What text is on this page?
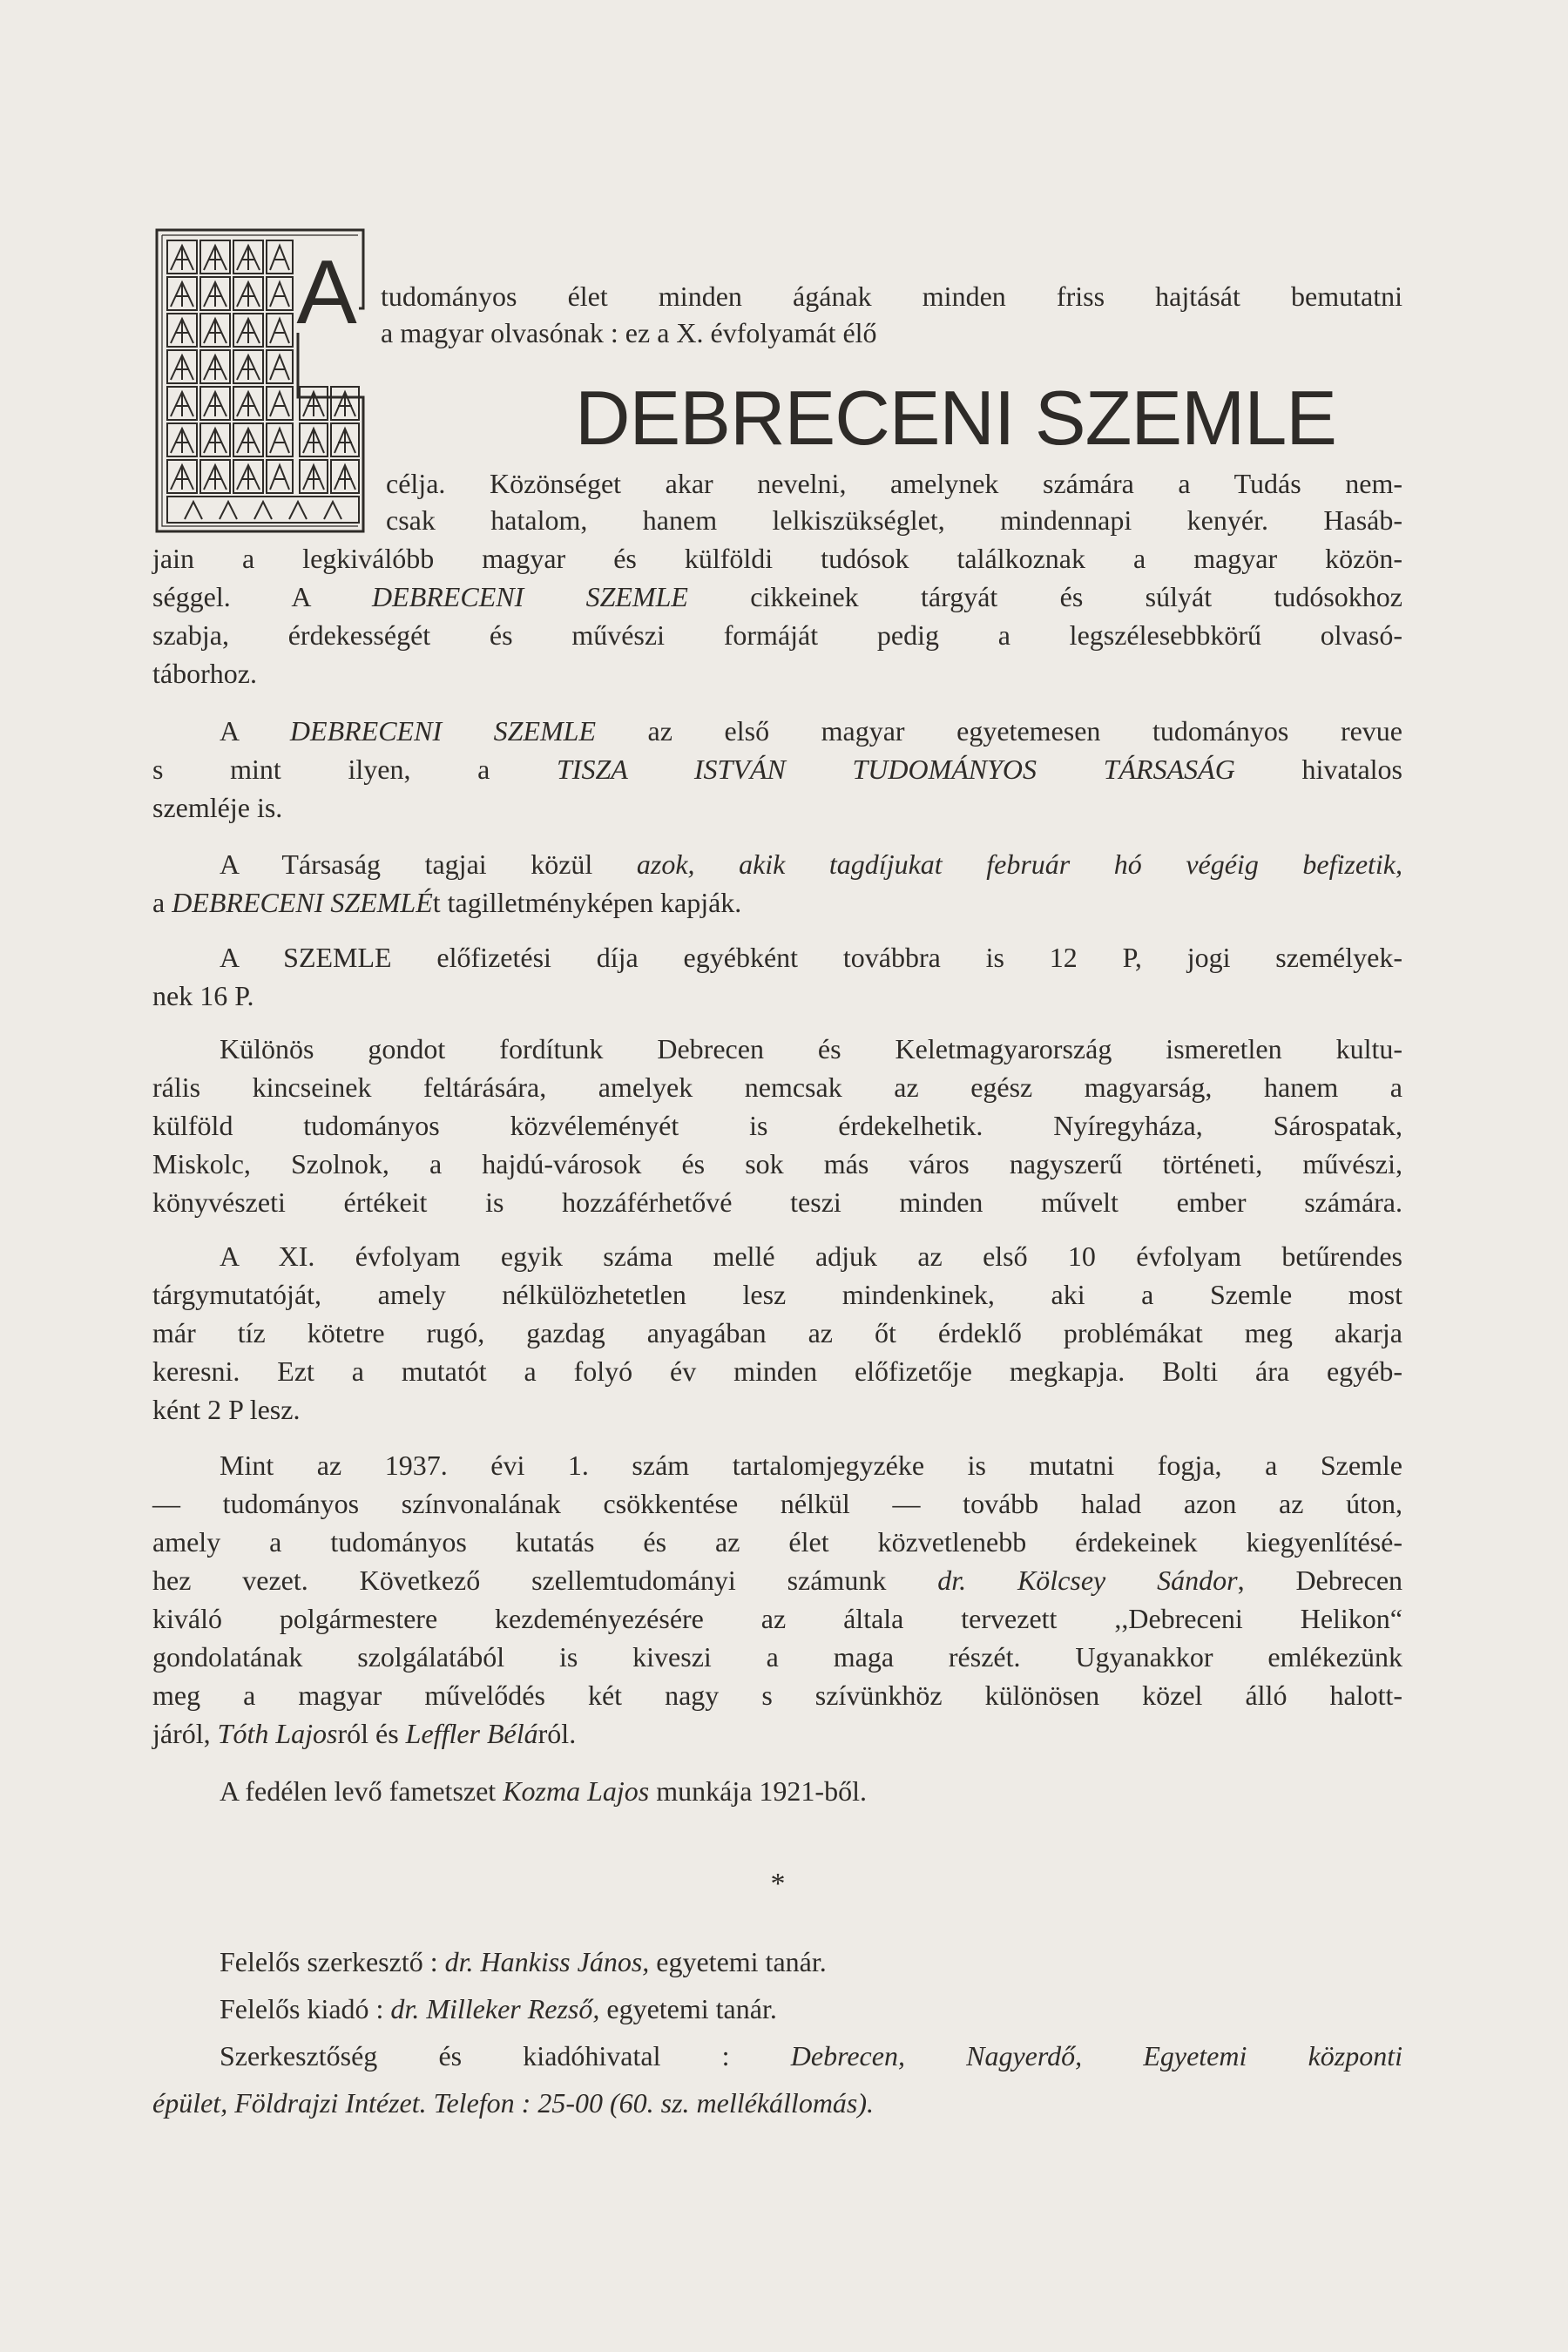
A tudományos élet minden ágának minden friss hajtását bemutatni
a magyar olvasónak : ez a X. évfolyamát élő
DEBRECENI SZEMLE
célja. Közönséget akar nevelni, amelynek számára a Tudás nem-
csak hatalom, hanem lelkiszükséglet, mindennapi kenyér. Hasáb-
jain a legkiválóbb magyar és külföldi tudósok találkoznak a magyar közön-
séggel. A DEBRECENI SZEMLE cikkeinek tárgyát és súlyát tudósokhoz
szabja, érdekességét és művészi formáját pedig a legszélesebbkörű olvasó-
táborhoz.
A DEBRECENI SZEMLE az első magyar egyetemesen tudományos revue
s mint ilyen, a TISZA ISTVÁN TUDOMÁNYOS TÁRSASÁG hivatalos
szemléje is.
A Társaság tagjai közül azok, akik tagdíjukat február hó végéig befizetik,
a DEBRECENI SZEMLÉt tagilletményképen kapják.
A SZEMLE előfizetési díja egyébként továbbra is 12 P, jogi személyek-
nek 16 P.
Különös gondot fordítunk Debrecen és Keletmagyarország ismeretlen kultu-
rális kincseinek feltárására, amelyek nemcsak az egész magyarság, hanem a
külföld tudományos közvéleményét is érdekelhetik. Nyíregyháza, Sárospatak,
Miskolc, Szolnok, a hajdú-városok és sok más város nagyszerű történeti, művészi,
könyvészeti értékeit is hozzáférhetővé teszi minden művelt ember számára.
A XI. évfolyam egyik száma mellé adjuk az első 10 évfolyam betűrendes
tárgymutatóját, amely nélkülözhetetlen lesz mindenkinek, aki a Szemle most
már tíz kötetre rugó, gazdag anyagában az őt érdeklő problémákat meg akarja
keresni. Ezt a mutatót a folyó év minden előfizetője megkapja. Bolti ára egyéb-
ként 2 P lesz.
Mint az 1937. évi 1. szám tartalomjegyzéke is mutatni fogja, a Szemle
— tudományos színvonalának csökkentése nélkül — tovább halad azon az úton,
amely a tudományos kutatás és az élet közvetlenebb érdekeinek kiegyenlítésé-
hez vezet. Következő szellemtudományi számunk dr. Kölcsey Sándor, Debrecen
kiváló polgármestere kezdeményezésére az általa tervezett ,,Debreceni Helikon“
gondolatának szolgálatából is kiveszi a maga részét. Ugyanakkor emlékezünk
meg a magyar művelődés két nagy s szívünkhöz különösen közel álló halott-
járól, Tóth Lajosról és Leffler Béláról.
A fedélen levő fametszet Kozma Lajos munkája 1921-ből.
*
Felelős szerkesztő : dr. Hankiss János, egyetemi tanár.
Felelős kiadó : dr. Milleker Rezső, egyetemi tanár.
Szerkesztőség és kiadóhivatal : Debrecen, Nagyerdő, Egyetemi központi
épület, Földrajzi Intézet. Telefon : 25-00 (60. sz. mellékállomás).
